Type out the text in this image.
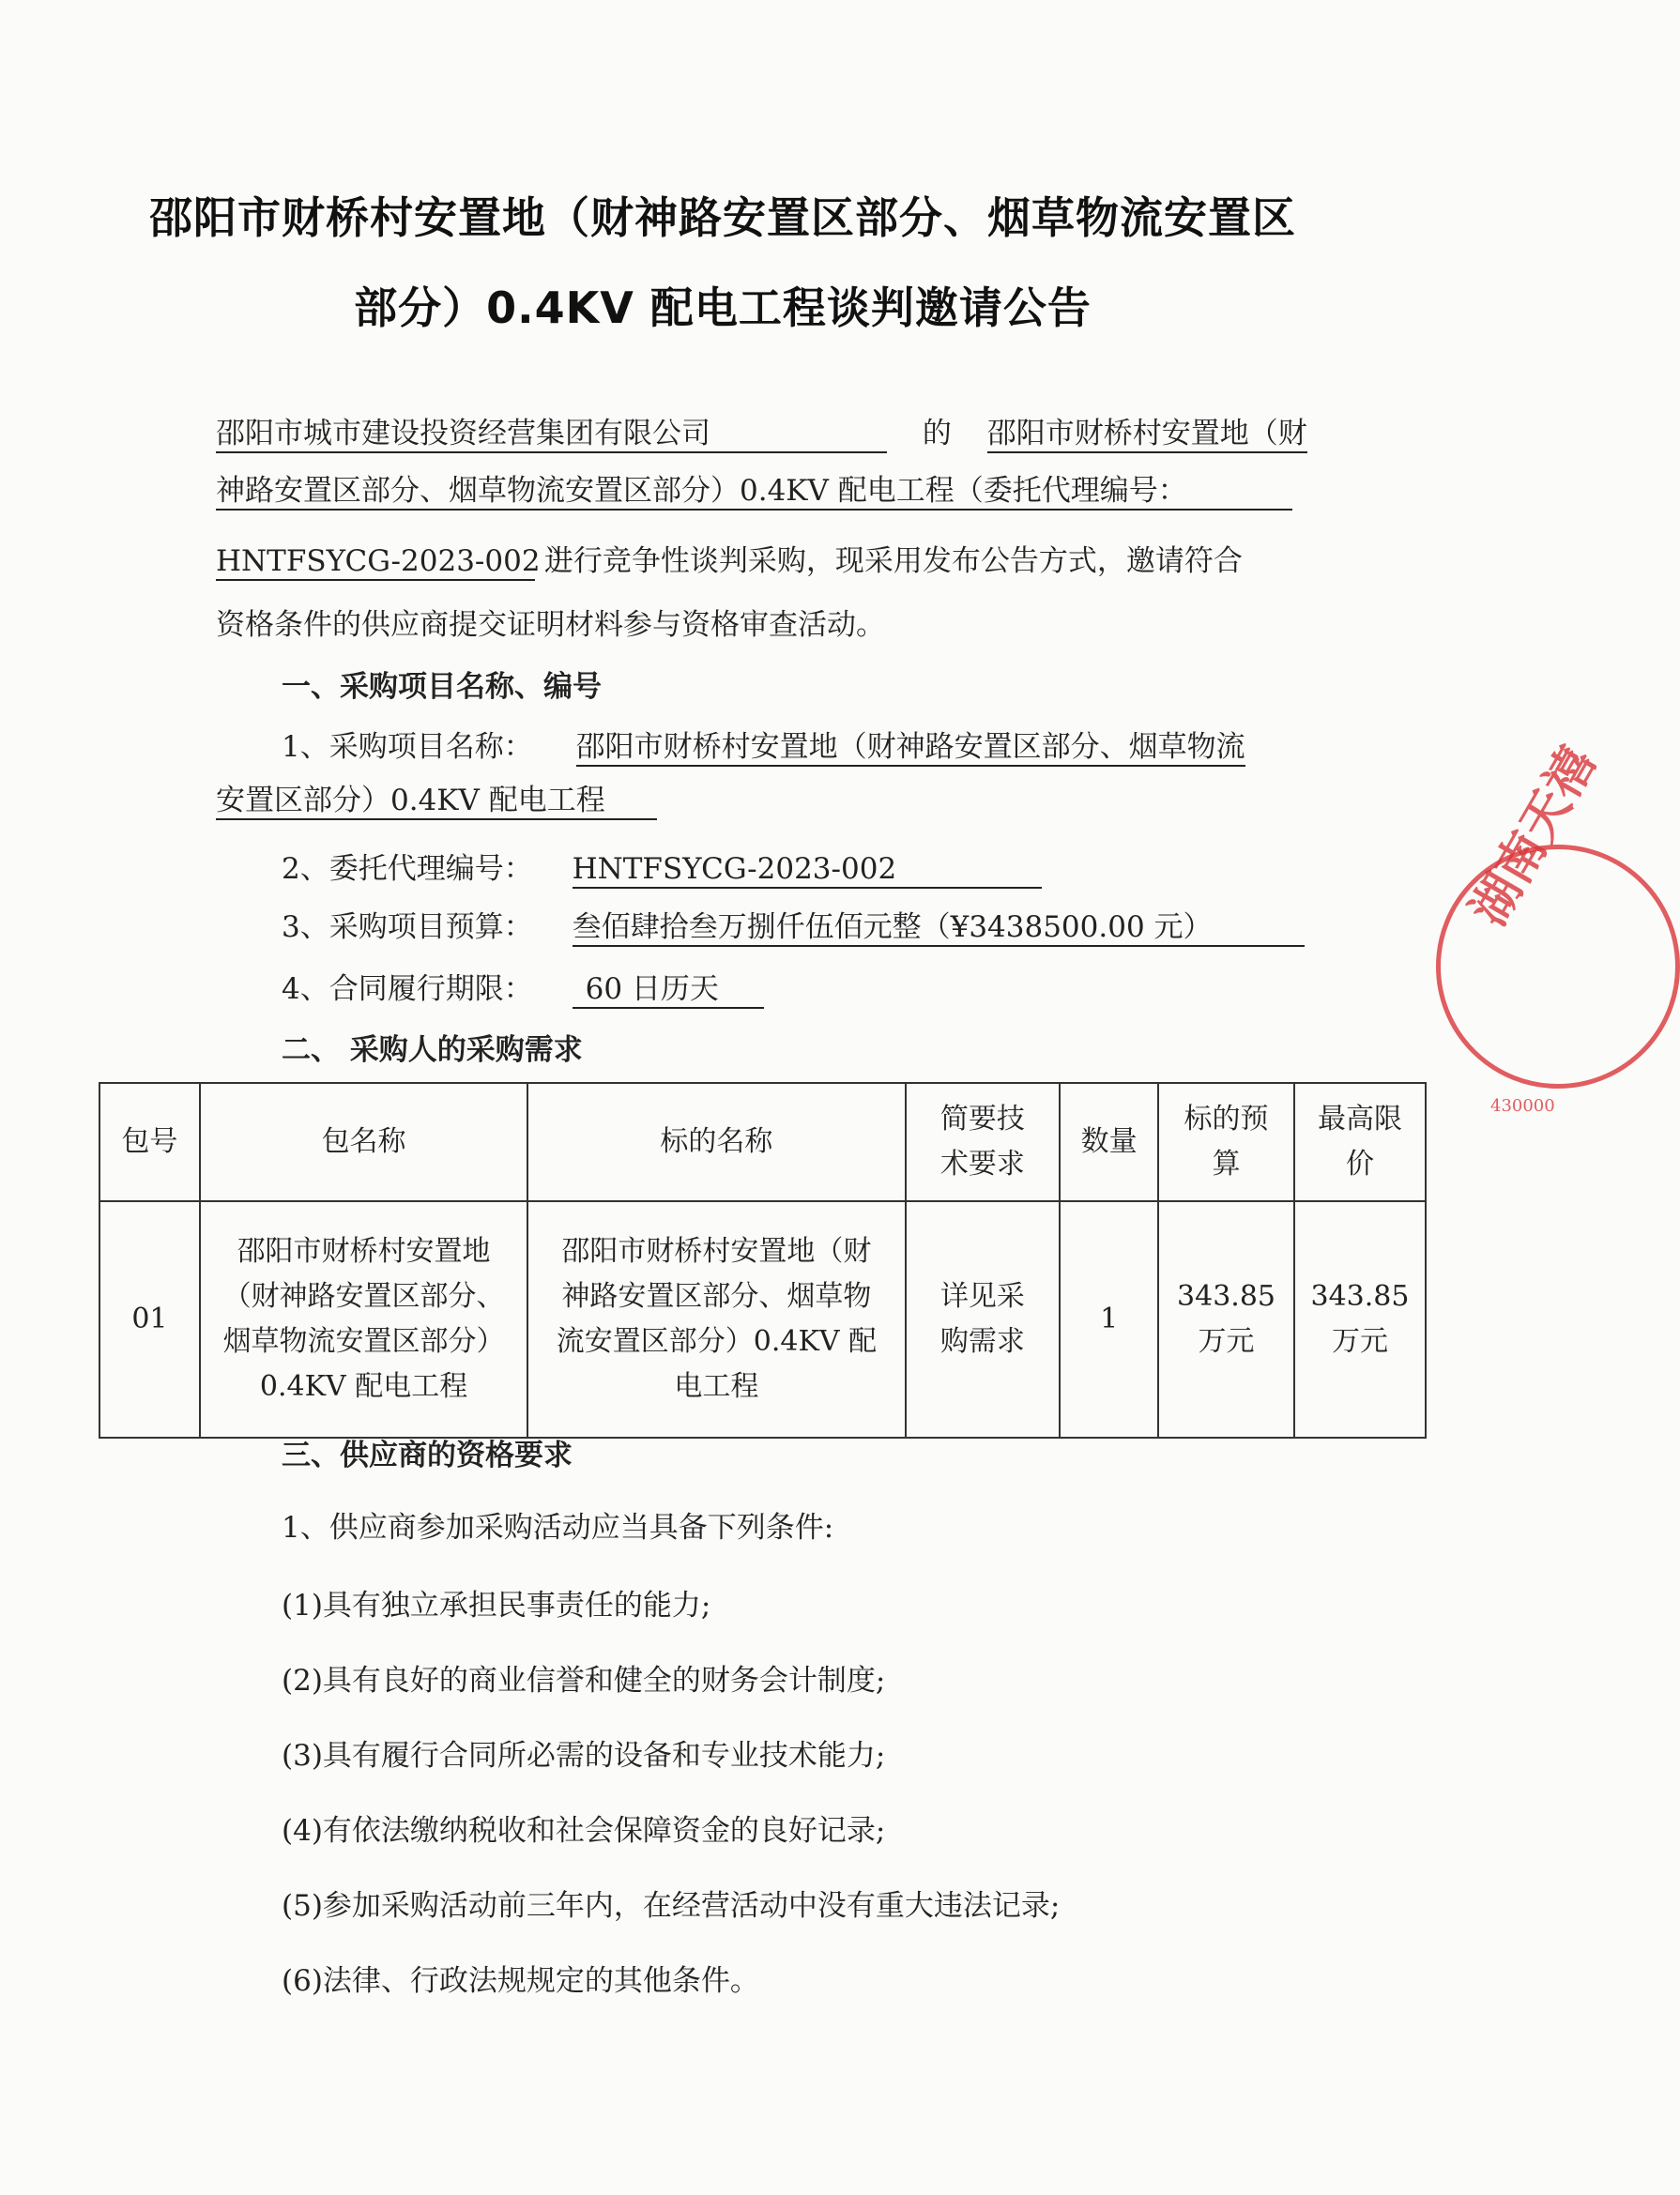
邵阳市财桥村安置地（财神路安置区部分、烟草物流安置区
部分）0.4KV 配电工程谈判邀请公告
邵阳市城市建设投资经营集团有限公司	的 邵阳市财桥村安置地（财
神路安置区部分、烟草物流安置区部分）0.4KV 配电工程（委托代理编号：
HNTFSYCG-2023-002 ） 进行竞争性谈判采购，现采用发布公告方式，邀请符合
资格条件的供应商提交证明材料参与资格审查活动。
一、采购项目名称、编号
1、采购项目名称： 邵阳市财桥村安置地（财神路安置区部分、烟草物流
安置区部分）0.4KV 配电工程
2、委托代理编号： HNTFSYCG-2023-002
3、采购项目预算： 叁佰肆拾叁万捌仟伍佰元整（¥3438500.00 元）
4、合同履行期限： 60 日历天
二、 采购人的采购需求
包号	包名称	标的名称	简要技
术要求	数量	标的预
算	最高限
价
01	邵阳市财桥村安置地
（财神路安置区部分、
烟草物流安置区部分）
0.4KV 配电工程	邵阳市财桥村安置地（财
神路安置区部分、烟草物
流安置区部分）0.4KV 配
电工程	详见采
购需求	1	343.85
万元	343.85
万元
三、供应商的资格要求
1、供应商参加采购活动应当具备下列条件:
(1)具有独立承担民事责任的能力;
(2)具有良好的商业信誉和健全的财务会计制度;
(3)具有履行合同所必需的设备和专业技术能力;
(4)有依法缴纳税收和社会保障资金的良好记录;
(5)参加采购活动前三年内，在经营活动中没有重大违法记录;
(6)法律、行政法规规定的其他条件。
湖南天禧
430000
